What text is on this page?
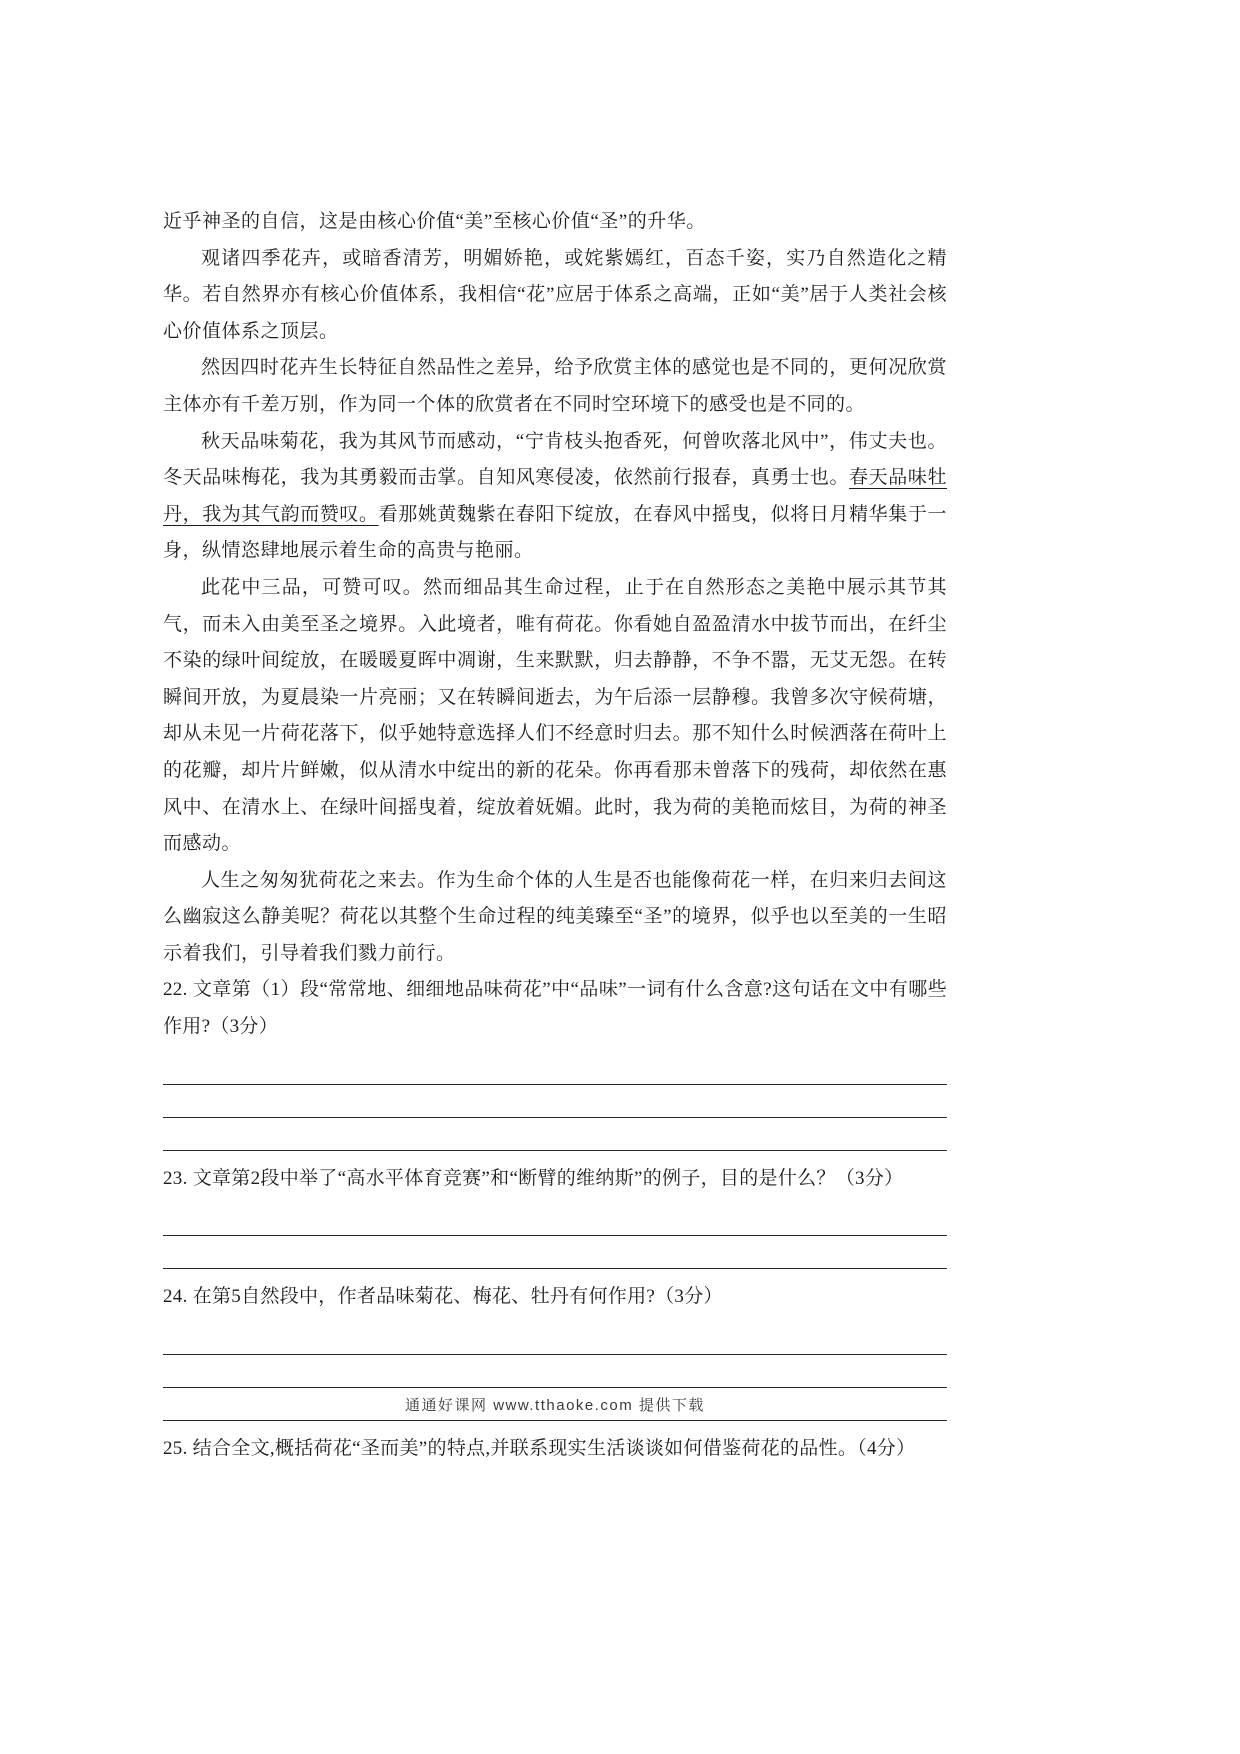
近乎神圣的自信，这是由核心价值“美”至核心价值“圣”的升华。

观诸四季花卉，或暗香清芳，明媚娇艳，或姹紫嫣红，百态千姿，实乃自然造化之精华。若自然界亦有核心价值体系，我相信“花”应居于体系之高端，正如“美”居于人类社会核心价值体系之顶层。

然因四时花卉生长特征自然品性之差异，给予欣赏主体的感觉也是不同的，更何况欣赏主体亦有千差万别，作为同一个体的欣赏者在不同时空环境下的感受也是不同的。

秋天品味菊花，我为其风节而感动，“宁肯枝头抱香死，何曾吹落北风中”，伟丈夫也。冬天品味梅花，我为其勇毅而击掌。自知风寒侵凌，依然前行报春，真勇士也。春天品味牡丹，我为其气韵而赞叹。看那姚黄魏紫在春阳下绽放，在春风中摇曳，似将日月精华集于一身，纵情恣肆地展示着生命的高贵与艳丽。

此花中三品，可赞可叹。然而细品其生命过程，止于在自然形态之美艳中展示其节其气，而未入由美至圣之境界。入此境者，唯有荷花。你看她自盈盈清水中拔节而出，在纤尘不染的绿叶间绽放，在暖暖夏晖中凋谢，生来默默，归去静静，不争不嚣，无艾无怨。在转瞬间开放，为夏晨染一片亮丽；又在转瞬间逝去，为午后添一层静穆。我曾多次守候荷塘，却从未见一片荷花落下，似乎她特意选择人们不经意时归去。那不知什么时候洒落在荷叶上的花瓣，却片片鲜嫩，似从清水中绽出的新的花朵。你再看那未曾落下的残荷，却依然在惠风中、在清水上、在绿叶间摇曳着，绽放着妩媚。此时，我为荷的美艳而炫目，为荷的神圣而感动。

人生之匆匆犹荷花之来去。作为生命个体的人生是否也能像荷花一样，在归来归去间这么幽寂这么静美呢？荷花以其整个生命过程的纯美臻至“圣”的境界，似乎也以至美的一生昭示着我们，引导着我们戮力前行。

22. 文章第（1）段“常常地、细细地品味荷花”中“品味”一词有什么含意?这句话在文中有哪些作用?（3分）

23. 文章第2段中举了“高水平体育竞赛”和“断臂的维纳斯”的例子，目的是什么？（3分）

24. 在第5自然段中，作者品味菊花、梅花、牡丹有何作用?（3分）

25. 结合全文,概括荷花“圣而美”的特点,并联系现实生活谈谈如何借鉴荷花的品性。（4分）

通通好课网 www.tthaoke.com 提供下载
